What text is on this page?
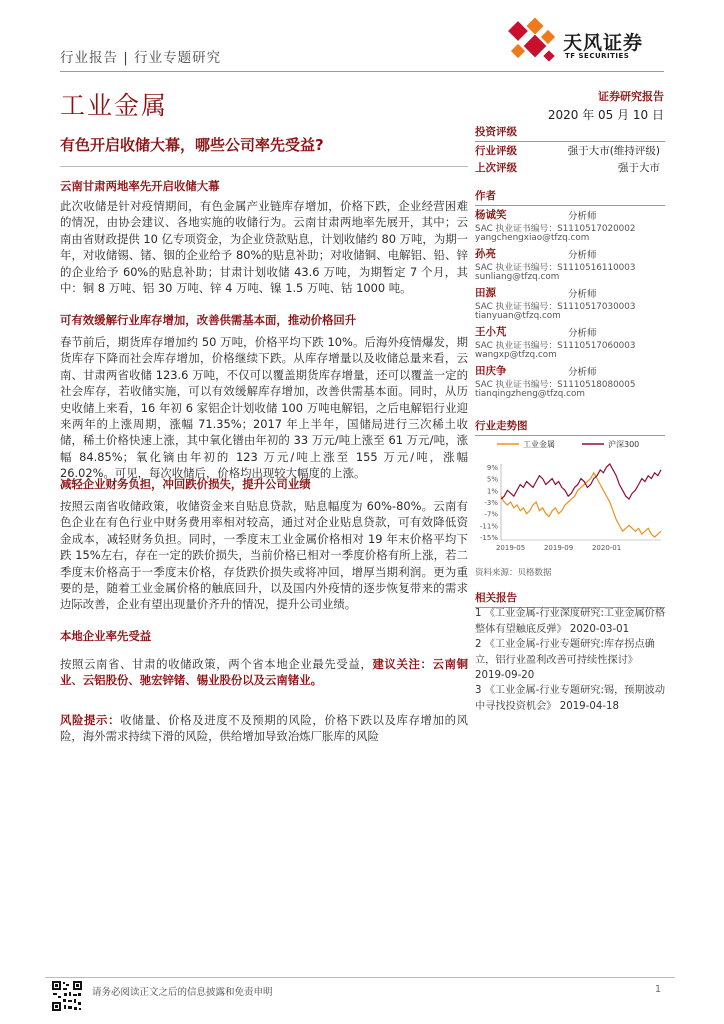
行业报告 | 行业专题研究
天风证券
TF SECURITIES
工业金属	证券研究报告
2020 年 05 月 10 日
有色开启收储大幕，哪些公司率先受益?
云南甘肃两地率先开启收储大幕
此次收储是针对疫情期间，有色金属产业链库存增加，价格下跌，企业经营困难的情况，由协会建议、各地实施的收储行为。云南甘肃两地率先展开，其中；云南由省财政提供 10 亿专项资金，为企业贷款贴息，计划收储约 80 万吨，为期一年，对收储锡、锗、铟的企业给予 80%的贴息补助；对收储铜、电解铝、铅、锌的企业给予 60%的贴息补助；甘肃计划收储 43.6 万吨，为期暂定 7 个月，其中：铜 8 万吨、铝 30 万吨、锌 4 万吨、镍 1.5 万吨、钴 1000 吨。
可有效缓解行业库存增加，改善供需基本面，推动价格回升
春节前后，期货库存增加约 50 万吨，价格平均下跌 10%。后海外疫情爆发，期货库存下降而社会库存增加，价格继续下跌。从库存增量以及收储总量来看，云南、甘肃两省收储 123.6 万吨，不仅可以覆盖期货库存增量，还可以覆盖一定的社会库存，若收储实施，可以有效缓解库存增加，改善供需基本面。同时，从历史收储上来看，16 年初 6 家铝企计划收储 100 万吨电解铝，之后电解铝行业迎来两年的上涨周期，涨幅 71.35%；2017 年上半年，国储局进行三次稀土收储，稀土价格快速上涨，其中氧化镨由年初的 33 万元/吨上涨至 61 万元/吨，涨幅 84.85%；氧化镝由年初的 123 万元/吨上涨至 155 万元/吨，涨幅 26.02%。可见，每次收储后，价格均出现较大幅度的上涨。
减轻企业财务负担，冲回跌价损失，提升公司业绩
按照云南省收储政策，收储资金来自贴息贷款，贴息幅度为 60%-80%。云南有色企业在有色行业中财务费用率相对较高，通过对企业贴息贷款，可有效降低资金成本，减轻财务负担。同时，一季度末工业金属价格相对 19 年末价格平均下跌 15%左右，存在一定的跌价损失，当前价格已相对一季度价格有所上涨，若二季度末价格高于一季度末价格，存货跌价损失或将冲回，增厚当期利润。更为重要的是，随着工业金属价格的触底回升，以及国内外疫情的逐步恢复带来的需求边际改善，企业有望出现量价齐升的情况，提升公司业绩。
本地企业率先受益
按照云南省、甘肃的收储政策，两个省本地企业最先受益，建议关注：云南铜业、云铝股份、驰宏锌锗、锡业股份以及云南锗业。
风险提示：收储量、价格及进度不及预期的风险，价格下跌以及库存增加的风险，海外需求持续下滑的风险，供给增加导致冶炼厂胀库的风险
投资评级
行业评级	强于大市(维持评级)
上次评级	强于大市
作者
杨诚笑	分析师
SAC 执业证书编号：S1110517020002
yangchengxiao@tfzq.com
孙亮	分析师
SAC 执业证书编号：S1110516110003
sunliang@tfzq.com
田源	分析师
SAC 执业证书编号：S1110517030003
tianyuan@tfzq.com
王小芃	分析师
SAC 执业证书编号：S1110517060003
wangxp@tfzq.com
田庆争	分析师
SAC 执业证书编号：S1110518080005
tianqingzheng@tfzq.com
行业走势图
工业金属	沪深300
9%
5%
1%
-3%
-7%
-11%
-15%
2019-05	2019-09	2020-01
资料来源：贝格数据
相关报告
1 《工业金属-行业深度研究:工业金属价格整体有望触底反弹》 2020-03-01
2 《工业金属-行业专题研究:库存拐点确立，铝行业盈利改善可持续性探讨》 2019-09-20
3 《工业金属-行业专题研究:锡，预期波动中寻找投资机会》 2019-04-18
请务必阅读正文之后的信息披露和免责申明	1
